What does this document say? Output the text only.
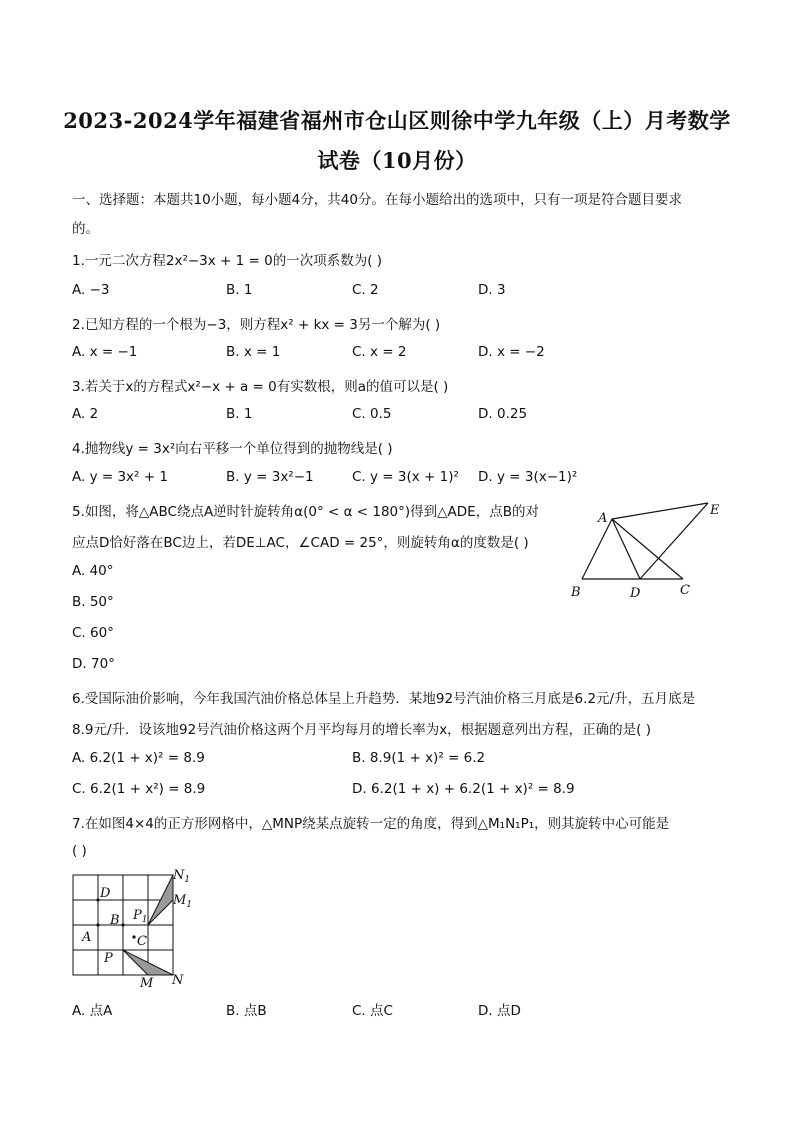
2023-2024学年福建省福州市仓山区则徐中学九年级（上）月考数学
试卷（10月份）
一、选择题：本题共10小题，每小题4分，共40分。在每小题给出的选项中，只有一项是符合题目要求
的。
1.一元二次方程2x²−3x + 1 = 0的一次项系数为( )
A. −3	B. 1	C. 2	D. 3
2.已知方程的一个根为−3，则方程x² + kx = 3另一个解为( )
A. x = −1	B. x = 1	C. x = 2	D. x = −2
3.若关于x的方程式x²−x + a = 0有实数根，则a的值可以是( )
A. 2	B. 1	C. 0.5	D. 0.25
4.抛物线y = 3x²向右平移一个单位得到的抛物线是( )
A. y = 3x² + 1	B. y = 3x²−1	C. y = 3(x + 1)² D. y = 3(x−1)²
5.如图，将△ABC绕点A逆时针旋转角α(0° < α < 180°)得到△ADE，点B的对
应点D恰好落在BC边上，若DE⊥AC，∠CAD = 25°，则旋转角α的度数是( )
A. 40°
B. 50°
C. 60°
D. 70°
A
B	C
D
E
6.受国际油价影响，今年我国汽油价格总体呈上升趋势．某地92号汽油价格三月底是6.2元/升，五月底是
8.9元/升．设该地92号汽油价格这两个月平均每月的增长率为x，根据题意列出方程，正确的是( )
A. 6.2(1 + x)² = 8.9	B. 8.9(1 + x)² = 6.2
C. 6.2(1 + x²) = 8.9	D. 6.2(1 + x) + 6.2(1 + x)² = 8.9
7.在如图4×4的正方形网格中，△MNP绕某点旋转一定的角度，得到△M₁N₁P₁，则其旋转中心可能是
( )
D
B
A	C
P
M N
$P_1$
$N_1$
$M_1$
A. 点A	B. 点B	C. 点C	D. 点D
